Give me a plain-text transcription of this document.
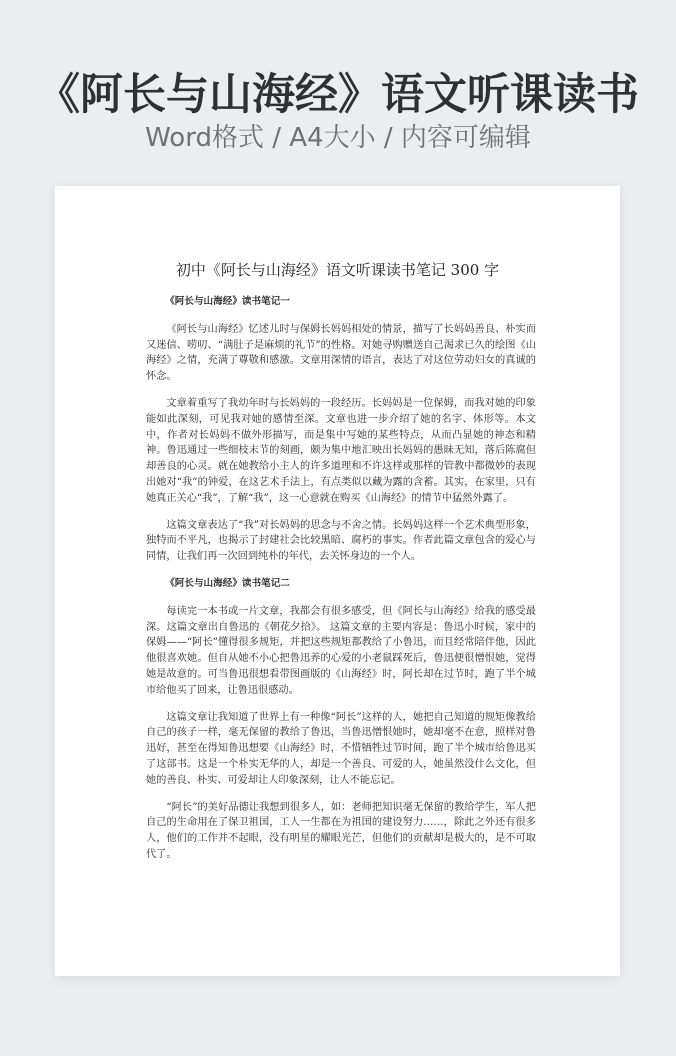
《阿长与山海经》语文听课读书
Word格式 / A4大小 / 内容可编辑
初中《阿长与山海经》语文听课读书笔记 300 字
《阿长与山海经》读书笔记一

《阿长与山海经》忆述儿时与保姆长妈妈相处的情景，描写了长妈妈善良、朴实而又迷信、唠叨、“满肚子是麻烦的礼节”的性格。对她寻购赠送自己渴求已久的绘图《山海经》之情，充满了尊敬和感激。文章用深情的语言，表达了对这位劳动妇女的真诚的怀念。

文章着重写了我幼年时与长妈妈的一段经历。长妈妈是一位保姆，而我对她的印象能如此深刻，可见我对她的感情至深。文章也进一步介绍了她的名字、体形等。本文中，作者对长妈妈不做外形描写，而是集中写她的某些特点，从而凸显她的神态和精神。鲁迅通过一些细枝末节的刻画，颇为集中地汇映出长妈妈的愚昧无知，落后陈腐但却善良的心灵。就在她教给小主人的许多道理和不许这样或那样的管教中都微妙的表现出她对“我”的钟爱，在这艺术手法上，有点类似以藏为露的含蓄。其实，在家里，只有她真正关心“我”，了解“我”，这一心意就在购买《山海经》的情节中猛然外露了。

这篇文章表达了“我”对长妈妈的思念与不舍之情。长妈妈这样一个艺术典型形象，独特而不平凡，也揭示了封建社会比较黑暗、腐朽的事实。作者此篇文章包含的爱心与同情，让我们再一次回到纯朴的年代，去关怀身边的一个人。

《阿长与山海经》读书笔记二

每读完一本书或一片文章，我都会有很多感受，但《阿长与山海经》给我的感受最深。这篇文章出自鲁迅的《朝花夕拾》。 这篇文章的主要内容是：鲁迅小时候，家中的保姆——“阿长”懂得很多规矩，并把这些规矩都教给了小鲁迅，而且经常陪伴他，因此他很喜欢她。但自从她不小心把鲁迅养的心爱的小老鼠踩死后，鲁迅便很憎恨她，觉得她是故意的。可当鲁迅很想看带图画版的《山海经》时，阿长却在过节时，跑了半个城市给他买了回来，让鲁迅很感动。

这篇文章让我知道了世界上有一种像“阿长”这样的人，她把自己知道的规矩像教给自己的孩子一样，毫无保留的教给了鲁迅，当鲁迅憎恨她时，她却毫不在意，照样对鲁迅好，甚至在得知鲁迅想要《山海经》时，不惜牺牲过节时间，跑了半个城市给鲁迅买了这部书。这是一个朴实无华的人，却是一个善良、可爱的人，她虽然没什么文化，但她的善良、朴实、可爱却让人印象深刻，让人不能忘记。

“阿长”的美好品德让我想到很多人，如：老师把知识毫无保留的教给学生，军人把自己的生命用在了保卫祖国，工人一生都在为祖国的建设努力……，除此之外还有很多人，他们的工作并不起眼，没有明星的耀眼光芒，但他们的贡献却是极大的，是不可取代了。
